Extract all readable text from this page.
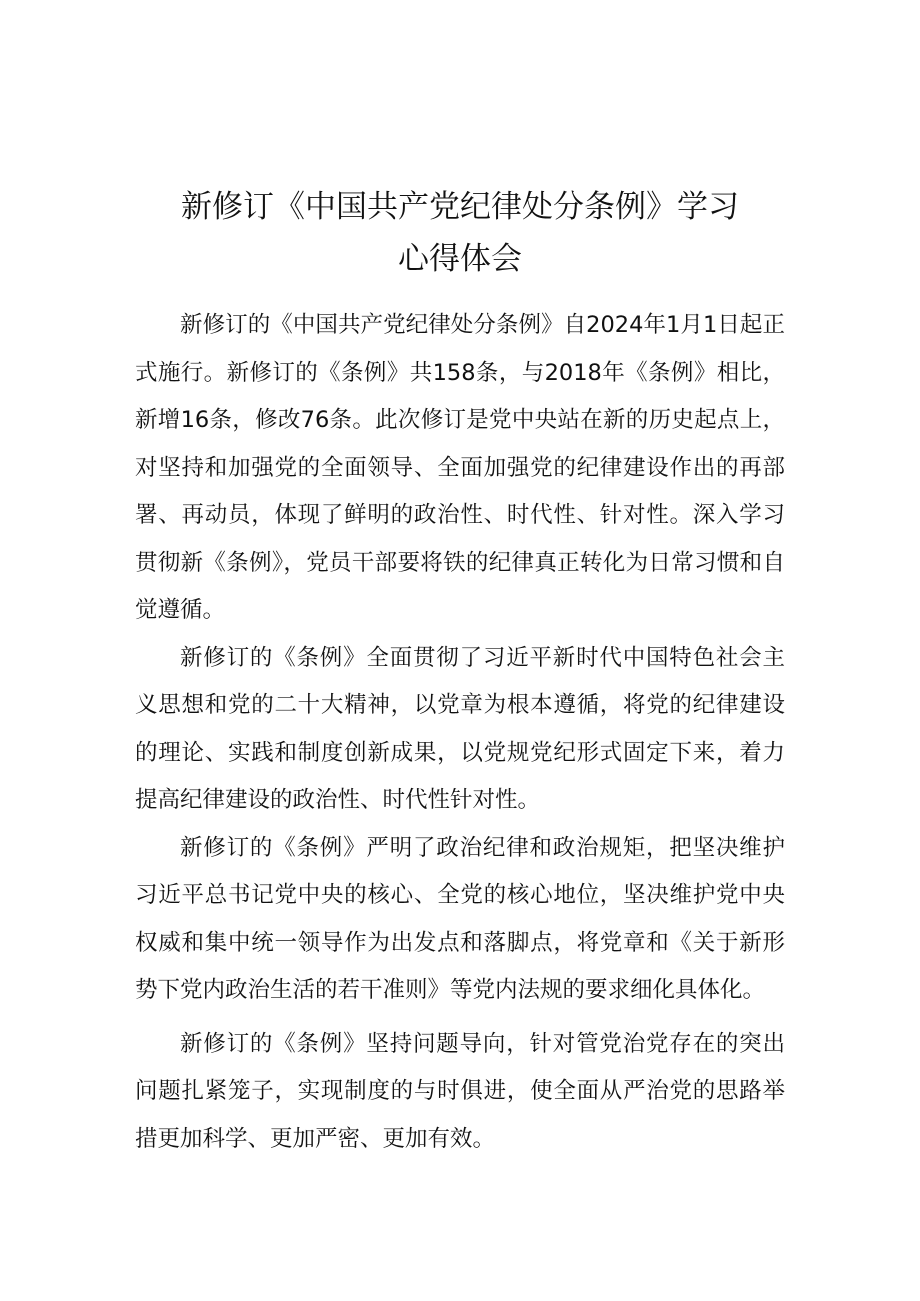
新修订《中国共产党纪律处分条例》学习
心得体会

新修订的《中国共产党纪律处分条例》自2024年1月1日起正式施行。新修订的《条例》共158条，与2018年《条例》相比，新增16条，修改76条。此次修订是党中央站在新的历史起点上，对坚持和加强党的全面领导、全面加强党的纪律建设作出的再部署、再动员，体现了鲜明的政治性、时代性、针对性。深入学习贯彻新《条例》，党员干部要将铁的纪律真正转化为日常习惯和自觉遵循。

新修订的《条例》全面贯彻了习近平新时代中国特色社会主义思想和党的二十大精神，以党章为根本遵循，将党的纪律建设的理论、实践和制度创新成果，以党规党纪形式固定下来，着力提高纪律建设的政治性、时代性针对性。

新修订的《条例》严明了政治纪律和政治规矩，把坚决维护习近平总书记党中央的核心、全党的核心地位，坚决维护党中央权威和集中统一领导作为出发点和落脚点，将党章和《关于新形势下党内政治生活的若干准则》等党内法规的要求细化具体化。

新修订的《条例》坚持问题导向，针对管党治党存在的突出问题扎紧笼子，实现制度的与时俱进，使全面从严治党的思路举措更加科学、更加严密、更加有效。
